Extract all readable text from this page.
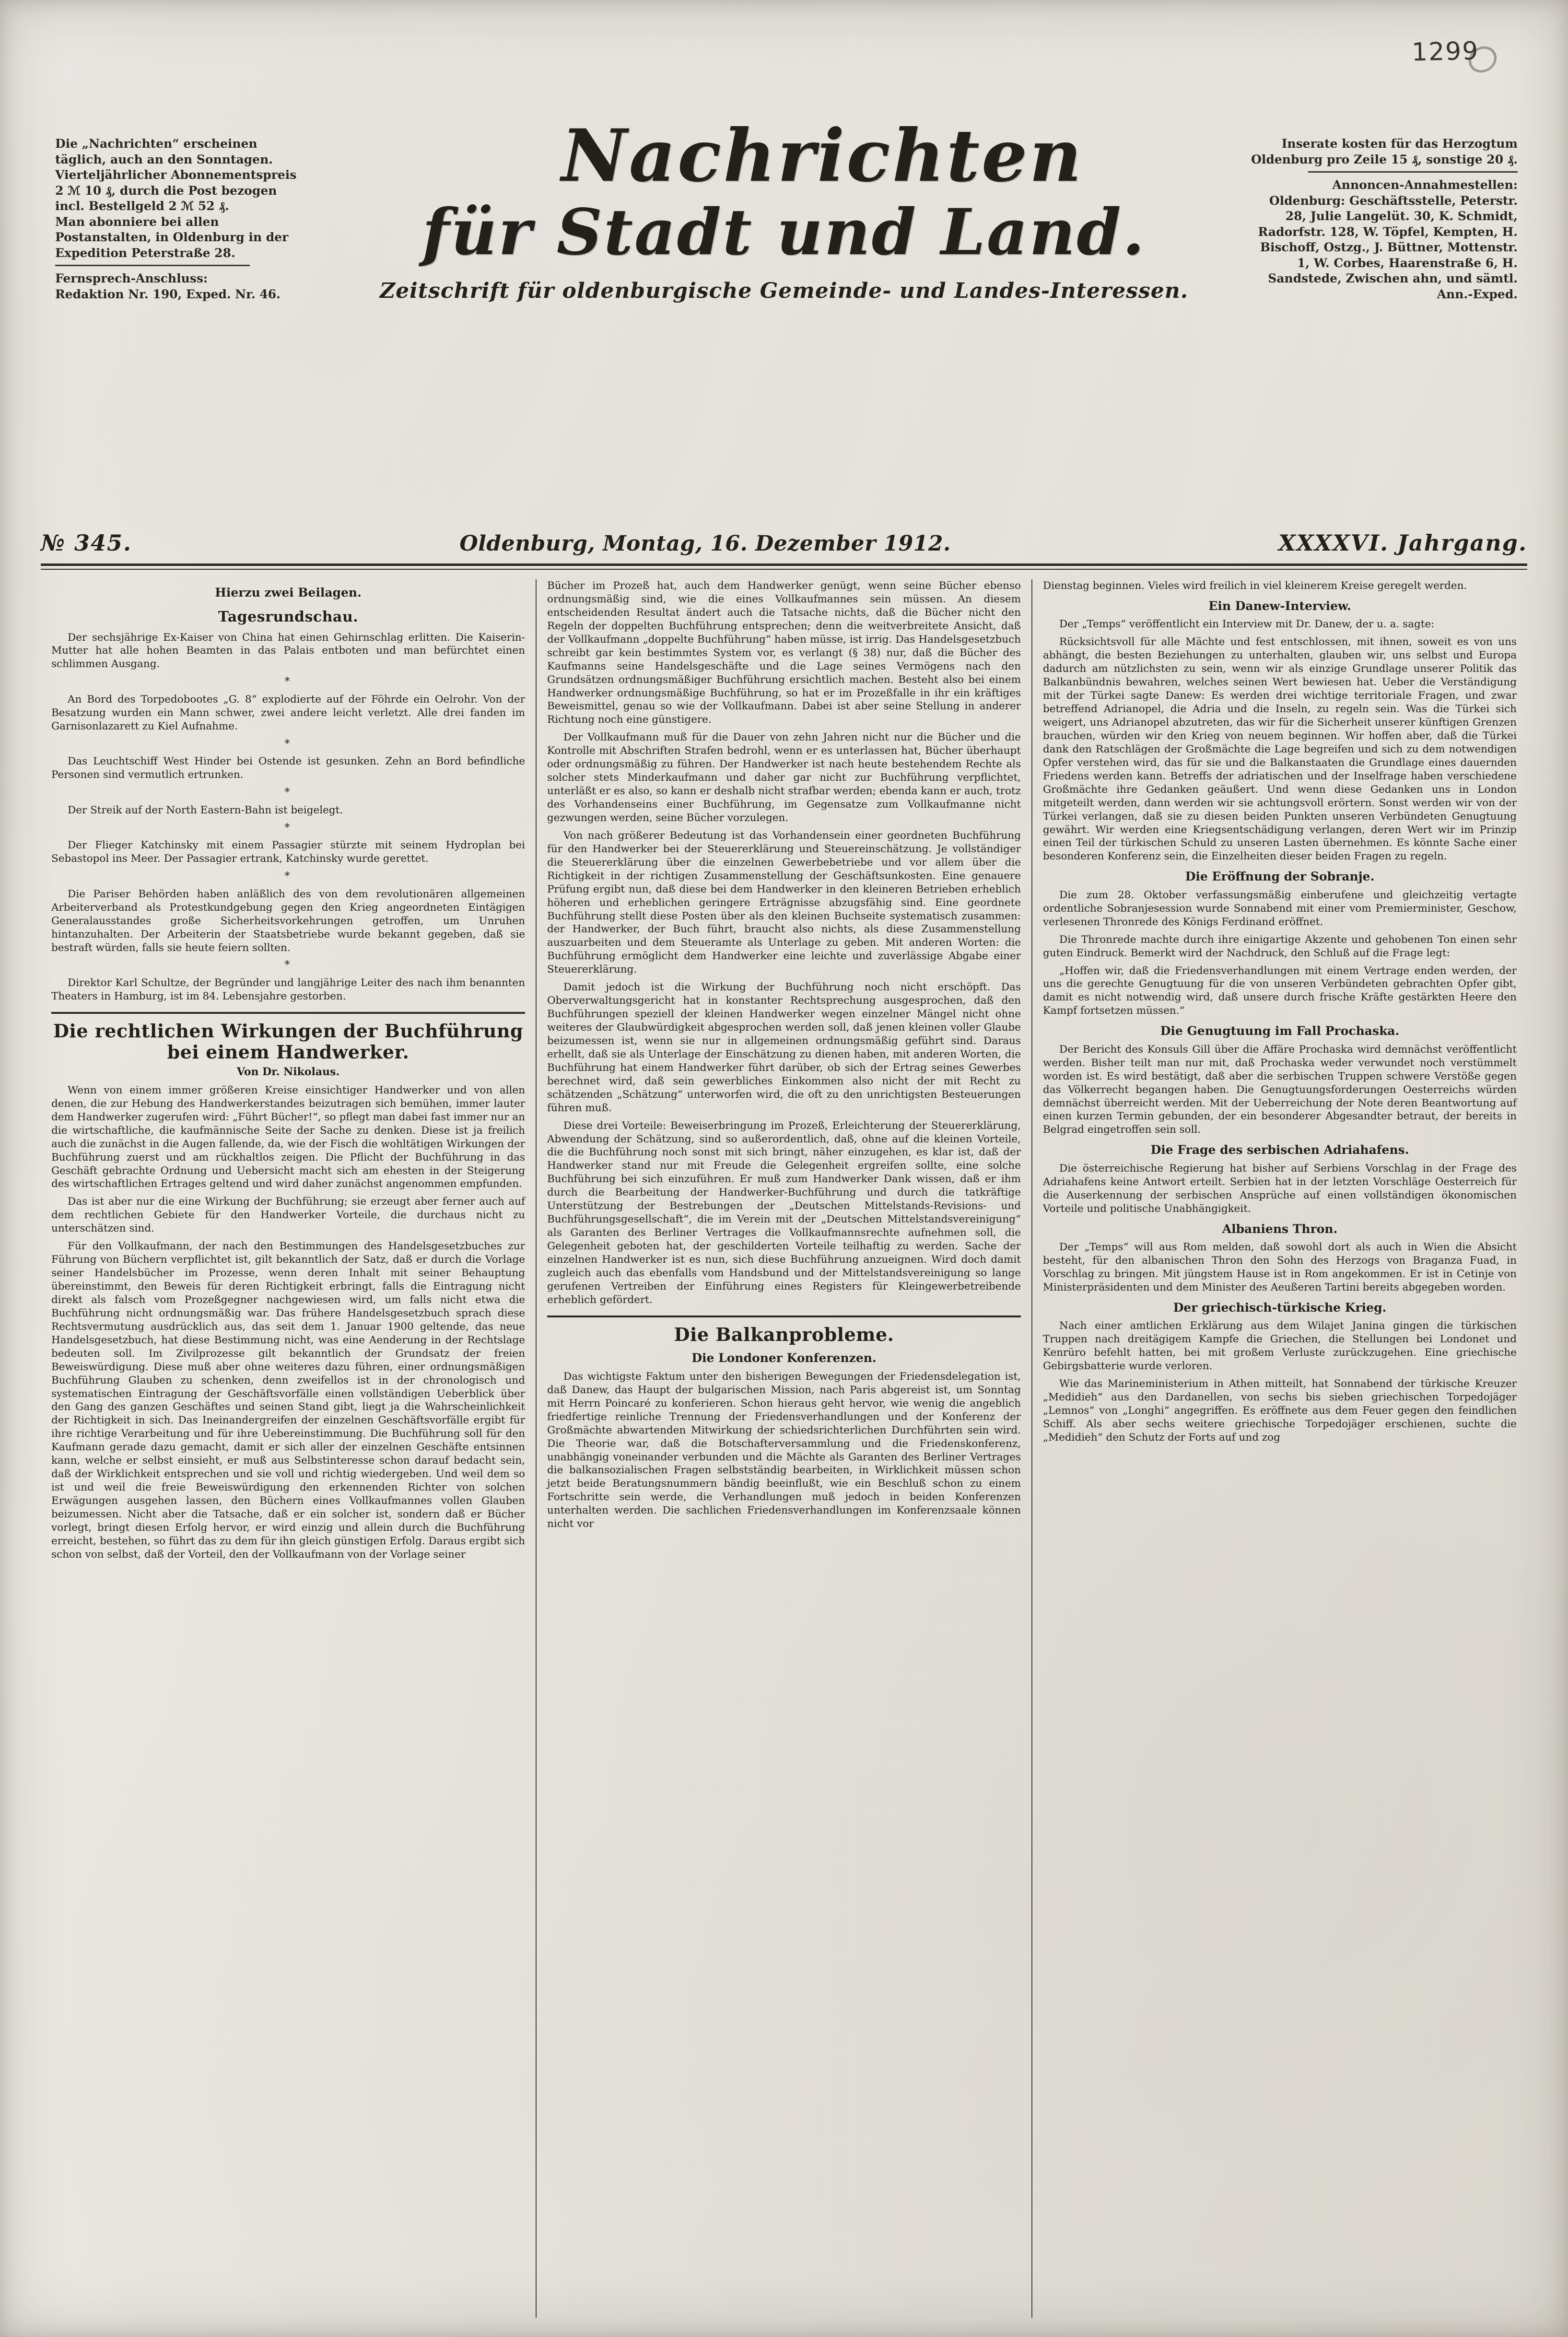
1299
Die „Nachrichten“ erscheinen täglich, auch an den Sonntagen.
Vierteljährlicher Abonnementspreis 2 ℳ 10 ₰, durch die Post bezogen incl. Bestellgeld 2 ℳ 52 ₰.
Man abonniere bei allen Postanstalten, in Oldenburg in der Expedition Peterstraße 28.
Fernsprech-Anschluss:
Redaktion Nr. 190, Exped. Nr. 46.
Nachrichten
für Stadt und Land.
Zeitschrift für oldenburgische Gemeinde- und Landes-Interessen.
Inserate kosten für das Herzogtum Oldenburg pro Zeile 15 ₰, sonstige 20 ₰.
Annoncen-Annahmestellen:
Oldenburg: Geschäftsstelle, Peterstr. 28, Julie Langelüt. 30, K. Schmidt, Radorfstr. 128, W. Töpfel, Kempten, H. Bischoff, Ostzg., J. Büttner, Mottenstr. 1, W. Corbes, Haarenstraße 6, H. Sandstede, Zwischen ahn, und sämtl. Ann.-Exped.
№ 345.	Oldenburg, Montag, 16. Dezember 1912.	XXXXVI. Jahrgang.
Hierzu zwei Beilagen.
Tagesrundschau.

Der sechsjährige Ex-Kaiser von China hat einen Gehirnschlag erlitten. Die Kaiserin-Mutter hat alle hohen Beamten in das Palais entboten und man befürchtet einen schlimmen Ausgang.

*

An Bord des Torpedobootes „G. 8“ explodierte auf der Föhrde ein Oelrohr. Von der Besatzung wurden ein Mann schwer, zwei andere leicht verletzt. Alle drei fanden im Garnisonlazarett zu Kiel Aufnahme.

*

Das Leuchtschiff West Hinder bei Ostende ist gesunken. Zehn an Bord befindliche Personen sind vermutlich ertrunken.

*

Der Streik auf der North Eastern-Bahn ist beigelegt.

*

Der Flieger Katchinsky mit einem Passagier stürzte mit seinem Hydroplan bei Sebastopol ins Meer. Der Passagier ertrank, Katchinsky wurde gerettet.

*

Die Pariser Behörden haben anläßlich des von dem revolutionären allgemeinen Arbeiterverband als Protestkundgebung gegen den Krieg angeordneten Eintägigen Generalausstandes große Sicherheitsvorkehrungen getroffen, um Unruhen hintanzuhalten. Der Arbeiterin der Staatsbetriebe wurde bekannt gegeben, daß sie bestraft würden, falls sie heute feiern sollten.

*

Direktor Karl Schultze, der Begründer und langjährige Leiter des nach ihm benannten Theaters in Hamburg, ist im 84. Lebensjahre gestorben.

Die rechtlichen Wirkungen der Buchführung bei einem Handwerker.
Von Dr. Nikolaus.

Wenn von einem immer größeren Kreise einsichtiger Handwerker und von allen denen, die zur Hebung des Handwerkerstandes beizutragen sich bemühen, immer lauter dem Handwerker zugerufen wird: „Führt Bücher!“, so pflegt man dabei fast immer nur an die wirtschaftliche, die kaufmännische Seite der Sache zu denken. Diese ist ja freilich auch die zunächst in die Augen fallende, da, wie der Fisch die wohltätigen Wirkungen der Buchführung zuerst und am rückhaltlos zeigen. Die Pflicht der Buchführung in das Geschäft gebrachte Ordnung und Uebersicht macht sich am ehesten in der Steigerung des wirtschaftlichen Ertrages geltend und wird daher zunächst angenommen empfunden.

Das ist aber nur die eine Wirkung der Buchführung; sie erzeugt aber ferner auch auf dem rechtlichen Gebiete für den Handwerker Vorteile, die durchaus nicht zu unterschätzen sind.

Für den Vollkaufmann, der nach den Bestimmungen des Handelsgesetzbuches zur Führung von Büchern verpflichtet ist, gilt bekanntlich der Satz, daß er durch die Vorlage seiner Handelsbücher im Prozesse, wenn deren Inhalt mit seiner Behauptung übereinstimmt, den Beweis für deren Richtigkeit erbringt, falls die Eintragung nicht direkt als falsch vom Prozeßgegner nachgewiesen wird, um falls nicht etwa die Buchführung nicht ordnungsmäßig war. Das frühere Handelsgesetzbuch sprach diese Rechtsvermutung ausdrücklich aus, das seit dem 1. Januar 1900 geltende, das neue Handelsgesetzbuch, hat diese Bestimmung nicht, was eine Aenderung in der Rechtslage bedeuten soll. Im Zivilprozesse gilt bekanntlich der Grundsatz der freien Beweiswürdigung. Diese muß aber ohne weiteres dazu führen, einer ordnungsmäßigen Buchführung Glauben zu schenken, denn zweifellos ist in der chronologisch und systematischen Eintragung der Geschäftsvorfälle einen vollständigen Ueberblick über den Gang des ganzen Geschäftes und seinen Stand gibt, liegt ja die Wahrscheinlichkeit der Richtigkeit in sich. Das Ineinandergreifen der einzelnen Geschäftsvorfälle ergibt für ihre richtige Verarbeitung und für ihre Uebereinstimmung. Die Buchführung soll für den Kaufmann gerade dazu gemacht, damit er sich aller der einzelnen Geschäfte entsinnen kann, welche er selbst einsieht, er muß aus Selbstinteresse schon darauf bedacht sein, daß der Wirklichkeit entsprechen und sie voll und richtig wiedergeben. Und weil dem so ist und weil die freie Beweiswürdigung den erkennenden Richter von solchen Erwägungen ausgehen lassen, den Büchern eines Vollkaufmannes vollen Glauben beizumessen. Nicht aber die Tatsache, daß er ein solcher ist, sondern daß er Bücher vorlegt, bringt diesen Erfolg hervor, er wird einzig und allein durch die Buchführung erreicht, bestehen, so führt das zu dem für ihn gleich günstigen Erfolg. Daraus ergibt sich schon von selbst, daß der Vorteil, den der Vollkaufmann von der Vorlage seiner

Bücher im Prozeß hat, auch dem Handwerker genügt, wenn seine Bücher ebenso ordnungsmäßig sind, wie die eines Vollkaufmannes sein müssen. An diesem entscheidenden Resultat ändert auch die Tatsache nichts, daß die Bücher nicht den Regeln der doppelten Buchführung entsprechen; denn die weitverbreitete Ansicht, daß der Vollkaufmann „doppelte Buchführung“ haben müsse, ist irrig. Das Handelsgesetzbuch schreibt gar kein bestimmtes System vor, es verlangt (§ 38) nur, daß die Bücher des Kaufmanns seine Handelsgeschäfte und die Lage seines Vermögens nach den Grundsätzen ordnungsmäßiger Buchführung ersichtlich machen. Besteht also bei einem Handwerker ordnungsmäßige Buchführung, so hat er im Prozeßfalle in ihr ein kräftiges Beweismittel, genau so wie der Vollkaufmann. Dabei ist aber seine Stellung in anderer Richtung noch eine günstigere.

Der Vollkaufmann muß für die Dauer von zehn Jahren nicht nur die Bücher und die Kontrolle mit Abschriften Strafen bedrohl, wenn er es unterlassen hat, Bücher überhaupt oder ordnungsmäßig zu führen. Der Handwerker ist nach heute bestehendem Rechte als solcher stets Minderkaufmann und daher gar nicht zur Buchführung verpflichtet, unterläßt er es also, so kann er deshalb nicht strafbar werden; ebenda kann er auch, trotz des Vorhandenseins einer Buchführung, im Gegensatze zum Vollkaufmanne nicht gezwungen werden, seine Bücher vorzulegen.

Von nach größerer Bedeutung ist das Vorhandensein einer geordneten Buchführung für den Handwerker bei der Steuererklärung und Steuereinschätzung. Je vollständiger die Steuererklärung über die einzelnen Gewerbebetriebe und vor allem über die Richtigkeit in der richtigen Zusammenstellung der Geschäftsunkosten. Eine genauere Prüfung ergibt nun, daß diese bei dem Handwerker in den kleineren Betrieben erheblich höheren und erheblichen geringere Erträgnisse abzugsfähig sind. Eine geordnete Buchführung stellt diese Posten über als den kleinen Buchseite systematisch zusammen: der Handwerker, der Buch führt, braucht also nichts, als diese Zusammenstellung auszuarbeiten und dem Steueramte als Unterlage zu geben. Mit anderen Worten: die Buchführung ermöglicht dem Handwerker eine leichte und zuverlässige Abgabe einer Steuererklärung.

Damit jedoch ist die Wirkung der Buchführung noch nicht erschöpft. Das Oberverwaltungsgericht hat in konstanter Rechtsprechung ausgesprochen, daß den Buchführungen speziell der kleinen Handwerker wegen einzelner Mängel nicht ohne weiteres der Glaubwürdigkeit abgesprochen werden soll, daß jenen kleinen voller Glaube beizumessen ist, wenn sie nur in allgemeinen ordnungsmäßig geführt sind. Daraus erhellt, daß sie als Unterlage der Einschätzung zu dienen haben, mit anderen Worten, die Buchführung hat einem Handwerker führt darüber, ob sich der Ertrag seines Gewerbes berechnet wird, daß sein gewerbliches Einkommen also nicht der mit Recht zu schätzenden „Schätzung“ unterworfen wird, die oft zu den unrichtigsten Besteuerungen führen muß.

Diese drei Vorteile: Beweiserbringung im Prozeß, Erleichterung der Steuererklärung, Abwendung der Schätzung, sind so außerordentlich, daß, ohne auf die kleinen Vorteile, die die Buchführung noch sonst mit sich bringt, näher einzugehen, es klar ist, daß der Handwerker stand nur mit Freude die Gelegenheit ergreifen sollte, eine solche Buchführung bei sich einzuführen. Er muß zum Handwerker Dank wissen, daß er ihm durch die Bearbeitung der Handwerker-Buchführung und durch die tatkräftige Unterstützung der Bestrebungen der „Deutschen Mittelstands-Revisions- und Buchführungsgesellschaft“, die im Verein mit der „Deutschen Mittelstandsvereinigung“ als Garanten des Berliner Vertrages die Vollkaufmannsrechte aufnehmen soll, die Gelegenheit geboten hat, der geschilderten Vorteile teilhaftig zu werden. Sache der einzelnen Handwerker ist es nun, sich diese Buchführung anzueignen. Wird doch damit zugleich auch das ebenfalls vom Handsbund und der Mittelstandsvereinigung so lange gerufenen Vertreiben der Einführung eines Registers für Kleingewerbetreibende erheblich gefördert.

Die Balkanprobleme.
Die Londoner Konferenzen.

Das wichtigste Faktum unter den bisherigen Bewegungen der Friedensdelegation ist, daß Danew, das Haupt der bulgarischen Mission, nach Paris abgereist ist, um Sonntag mit Herrn Poincaré zu konferieren. Schon hieraus geht hervor, wie wenig die angeblich friedfertige reinliche Trennung der Friedensverhandlungen und der Konferenz der Großmächte abwartenden Mitwirkung der schiedsrichterlichen Durchführten sein wird. Die Theorie war, daß die Botschafterversammlung und die Friedenskonferenz, unabhängig voneinander verbunden und die Mächte als Garanten des Berliner Vertrages die balkansozialischen Fragen selbstständig bearbeiten, in Wirklichkeit müssen schon jetzt beide Beratungsnummern bändig beeinflußt, wie ein Beschluß schon zu einem Fortschritte sein werde, die Verhandlungen muß jedoch in beiden Konferenzen unterhalten werden. Die sachlichen Friedensverhandlungen im Konferenzsaale können nicht vor

Dienstag beginnen. Vieles wird freilich in viel kleinerem Kreise geregelt werden.

Ein Danew-Interview.

Der „Temps“ veröffentlicht ein Interview mit Dr. Danew, der u. a. sagte:

Rücksichtsvoll für alle Mächte und fest entschlossen, mit ihnen, soweit es von uns abhängt, die besten Beziehungen zu unterhalten, glauben wir, uns selbst und Europa dadurch am nützlichsten zu sein, wenn wir als einzige Grundlage unserer Politik das Balkanbündnis bewahren, welches seinen Wert bewiesen hat. Ueber die Verständigung mit der Türkei sagte Danew: Es werden drei wichtige territoriale Fragen, und zwar betreffend Adrianopel, die Adria und die Inseln, zu regeln sein. Was die Türkei sich weigert, uns Adrianopel abzutreten, das wir für die Sicherheit unserer künftigen Grenzen brauchen, würden wir den Krieg von neuem beginnen. Wir hoffen aber, daß die Türkei dank den Ratschlägen der Großmächte die Lage begreifen und sich zu dem notwendigen Opfer verstehen wird, das für sie und die Balkanstaaten die Grundlage eines dauernden Friedens werden kann. Betreffs der adriatischen und der Inselfrage haben verschiedene Großmächte ihre Gedanken geäußert. Und wenn diese Gedanken uns in London mitgeteilt werden, dann werden wir sie achtungsvoll erörtern. Sonst werden wir von der Türkei verlangen, daß sie zu diesen beiden Punkten unseren Verbündeten Genugtuung gewährt. Wir werden eine Kriegsentschädigung verlangen, deren Wert wir im Prinzip einen Teil der türkischen Schuld zu unseren Lasten übernehmen. Es könnte Sache einer besonderen Konferenz sein, die Einzelheiten dieser beiden Fragen zu regeln.

Die Eröffnung der Sobranje.

Die zum 28. Oktober verfassungsmäßig einberufene und gleichzeitig vertagte ordentliche Sobranjesession wurde Sonnabend mit einer vom Premierminister, Geschow, verlesenen Thronrede des Königs Ferdinand eröffnet.

Die Thronrede machte durch ihre einigartige Akzente und gehobenen Ton einen sehr guten Eindruck. Bemerkt wird der Nachdruck, den Schluß auf die Frage legt:

„Hoffen wir, daß die Friedensverhandlungen mit einem Vertrage enden werden, der uns die gerechte Genugtuung für die von unseren Verbündeten gebrachten Opfer gibt, damit es nicht notwendig wird, daß unsere durch frische Kräfte gestärkten Heere den Kampf fortsetzen müssen.“

Die Genugtuung im Fall Prochaska.

Der Bericht des Konsuls Gill über die Affäre Prochaska wird demnächst veröffentlicht werden. Bisher teilt man nur mit, daß Prochaska weder verwundet noch verstümmelt worden ist. Es wird bestätigt, daß aber die serbischen Truppen schwere Verstöße gegen das Völkerrecht begangen haben. Die Genugtuungsforderungen Oesterreichs würden demnächst überreicht werden. Mit der Ueberreichung der Note deren Beantwortung auf einen kurzen Termin gebunden, der ein besonderer Abgesandter betraut, der bereits in Belgrad eingetroffen sein soll.

Die Frage des serbischen Adriahafens.

Die österreichische Regierung hat bisher auf Serbiens Vorschlag in der Frage des Adriahafens keine Antwort erteilt. Serbien hat in der letzten Vorschläge Oesterreich für die Auserkennung der serbischen Ansprüche auf einen vollständigen ökonomischen Vorteile und politische Unabhängigkeit.

Albaniens Thron.

Der „Temps“ will aus Rom melden, daß sowohl dort als auch in Wien die Absicht besteht, für den albanischen Thron den Sohn des Herzogs von Braganza Fuad, in Vorschlag zu bringen. Mit jüngstem Hause ist in Rom angekommen. Er ist in Cetinje von Ministerpräsidenten und dem Minister des Aeußeren Tartini bereits abgegeben worden.

Der griechisch-türkische Krieg.

Nach einer amtlichen Erklärung aus dem Wilajet Janina gingen die türkischen Truppen nach dreitägigem Kampfe die Griechen, die Stellungen bei Londonet und Kenrüro befehlt hatten, bei mit großem Verluste zurückzugehen. Eine griechische Gebirgsbatterie wurde verloren.

Wie das Marineministerium in Athen mitteilt, hat Sonnabend der türkische Kreuzer „Medidieh“ aus den Dardanellen, von sechs bis sieben griechischen Torpedojäger „Lemnos“ von „Longhi“ angegriffen. Es eröffnete aus dem Feuer gegen den feindlichen Schiff. Als aber sechs weitere griechische Torpedojäger erschienen, suchte die „Medidieh“ den Schutz der Forts auf und zog
